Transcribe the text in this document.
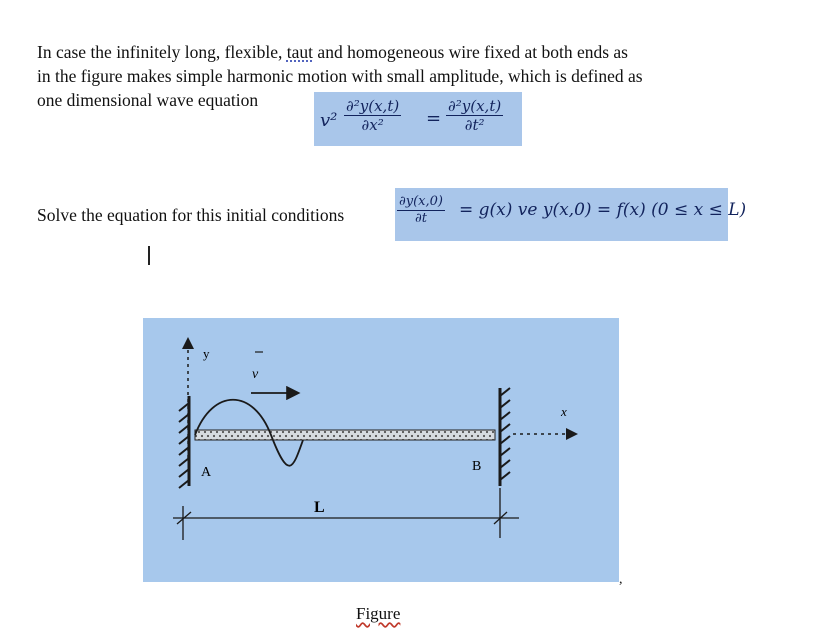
In case the infinitely long, flexible, taut and homogeneous wire fixed at both ends as
in the figure makes simple harmonic motion with small amplitude, which is defined as
one dimensional wave equation
$v^2 \frac{\text{∂²y(x,t)}}{\text{∂x²}} = \frac{\text{∂²y(x,t)}}{\text{∂t²}}$
Solve the equation for this initial conditions	$\frac{\partial y(x,0)}{\partial t} = g(x)$ ve y(x,0) = f(x) (0 ≤ x ≤ L)
y
v
A	B
x
L
,
Figure
